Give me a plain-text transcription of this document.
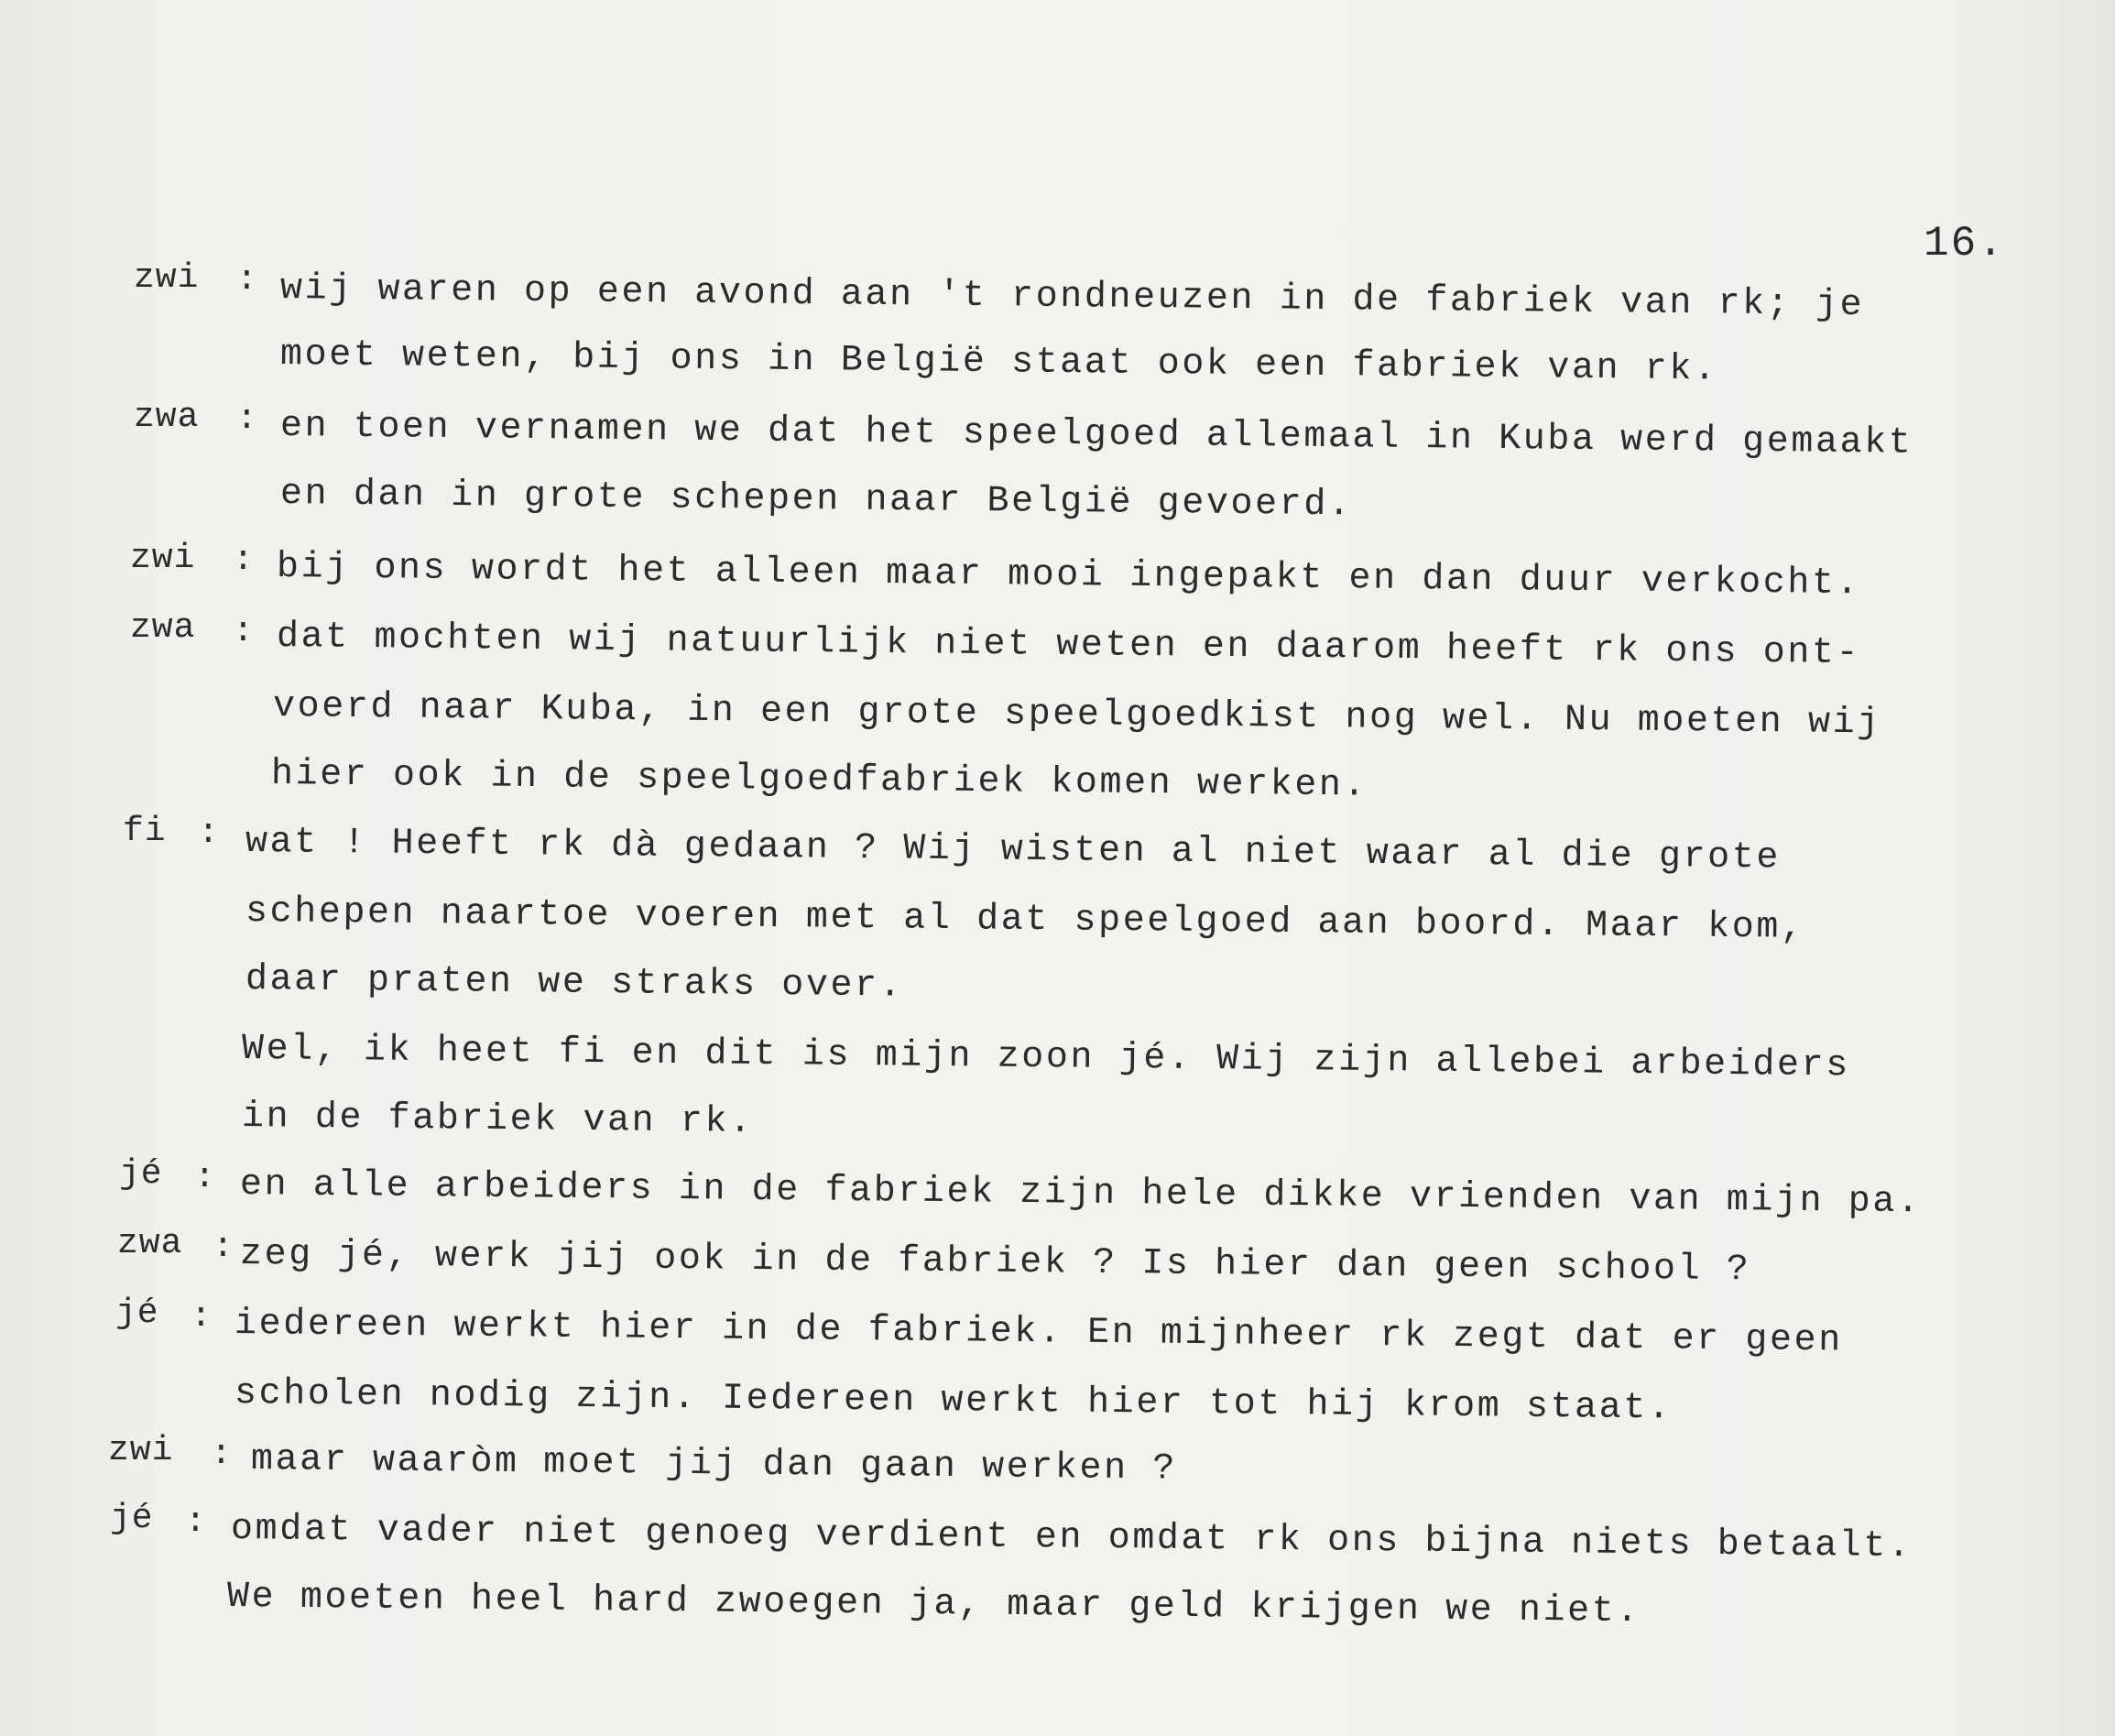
16.
zwi : wij waren op een avond aan 't rondneuzen in de fabriek van rk; je
moet weten, bij ons in België staat ook een fabriek van rk.
zwa : en toen vernamen we dat het speelgoed allemaal in Kuba werd gemaakt
en dan in grote schepen naar België gevoerd.
zwi : bij ons wordt het alleen maar mooi ingepakt en dan duur verkocht.
zwa : dat mochten wij natuurlijk niet weten en daarom heeft rk ons ont-
voerd naar Kuba, in een grote speelgoedkist nog wel. Nu moeten wij
hier ook in de speelgoedfabriek komen werken.
fi : wat ! Heeft rk dà gedaan ? Wij wisten al niet waar al die grote
schepen naartoe voeren met al dat speelgoed aan boord. Maar kom,
daar praten we straks over.
Wel, ik heet fi en dit is mijn zoon jé. Wij zijn allebei arbeiders
in de fabriek van rk.
jé : en alle arbeiders in de fabriek zijn hele dikke vrienden van mijn pa.
zwa : zeg jé, werk jij ook in de fabriek ? Is hier dan geen school ?
jé : iedereen werkt hier in de fabriek. En mijnheer rk zegt dat er geen
scholen nodig zijn. Iedereen werkt hier tot hij krom staat.
zwi : maar waaròm moet jij dan gaan werken ?
jé : omdat vader niet genoeg verdient en omdat rk ons bijna niets betaalt.
We moeten heel hard zwoegen ja, maar geld krijgen we niet.
